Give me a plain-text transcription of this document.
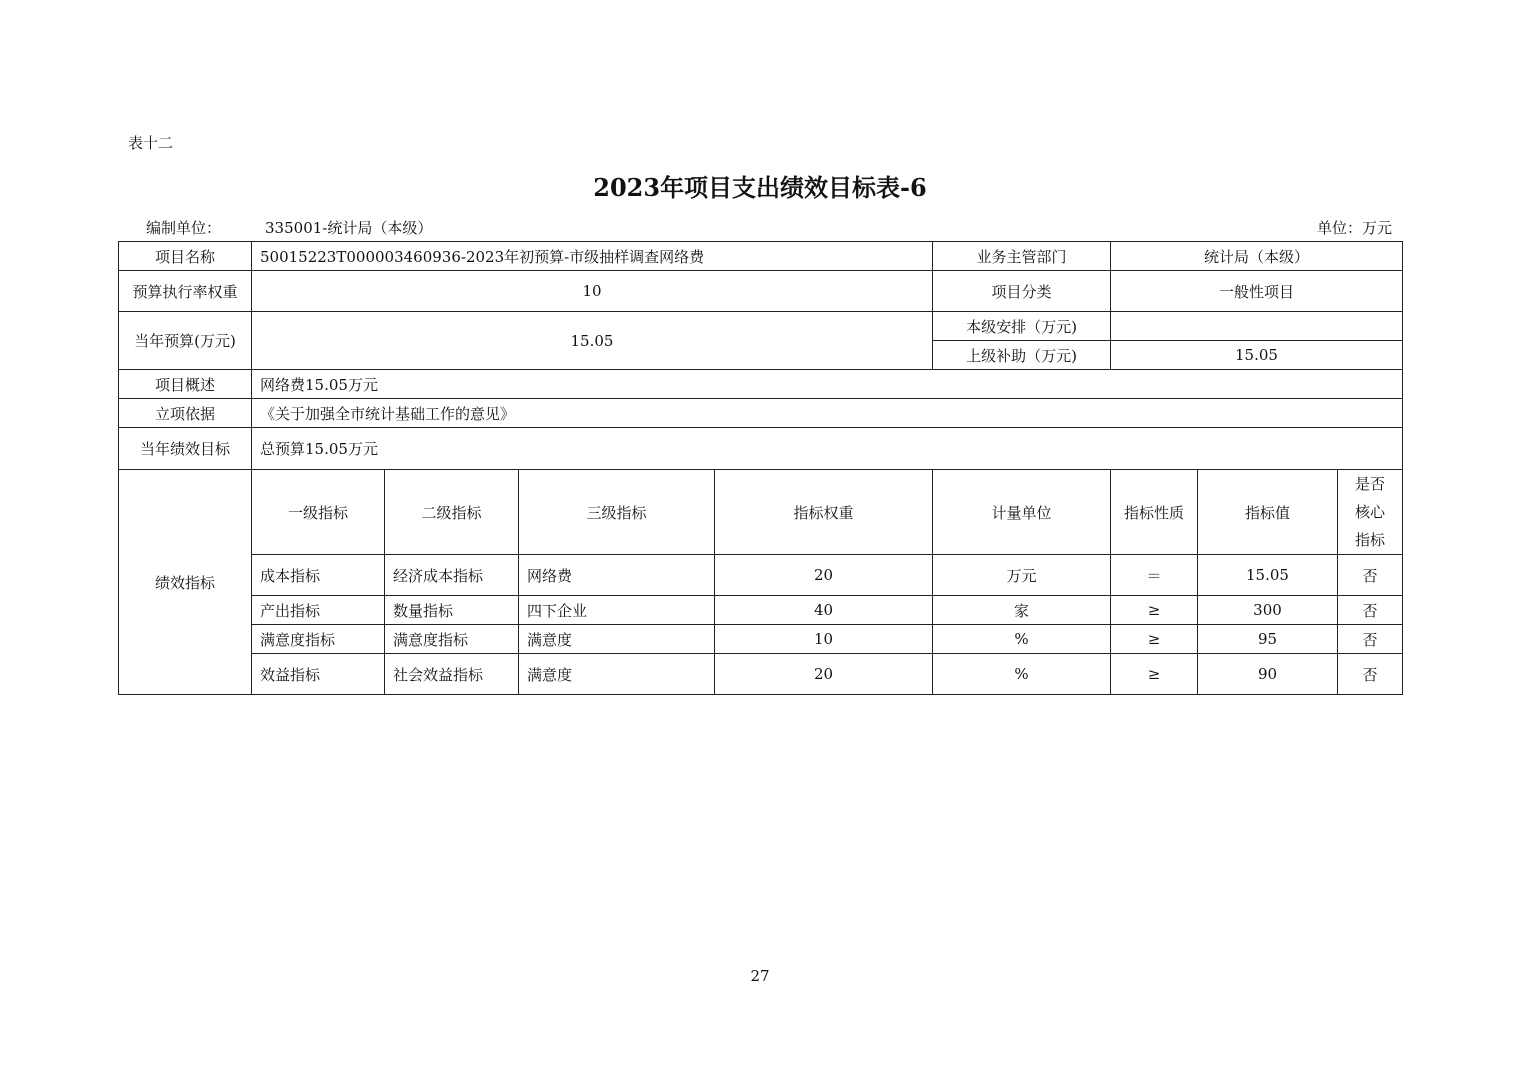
表十二
2023年项目支出绩效目标表-6
编制单位：	335001-统计局（本级）	单位：万元
项目名称	50015223T000003460936-2023年初预算-市级抽样调查网络费				业务主管部门	统计局（本级）		
预算执行率权重	10				项目分类	一般性项目		
当年预算(万元)	15.05				本级安排（万元)			
					上级补助（万元)	15.05		
项目概述	网络费15.05万元							
立项依据	《关于加强全市统计基础工作的意见》							
当年绩效目标	总预算15.05万元							
绩效指标	一级指标	二级指标	三级指标	指标权重	计量单位	指标性质	指标值	是否核心指标
	成本指标	经济成本指标	网络费	20	万元	＝	15.05	否
	产出指标	数量指标	四下企业	40	家	≥	300	否
	满意度指标	满意度指标	满意度	10	%	≥	95	否
	效益指标	社会效益指标	满意度	20	%	≥	90	否
27
